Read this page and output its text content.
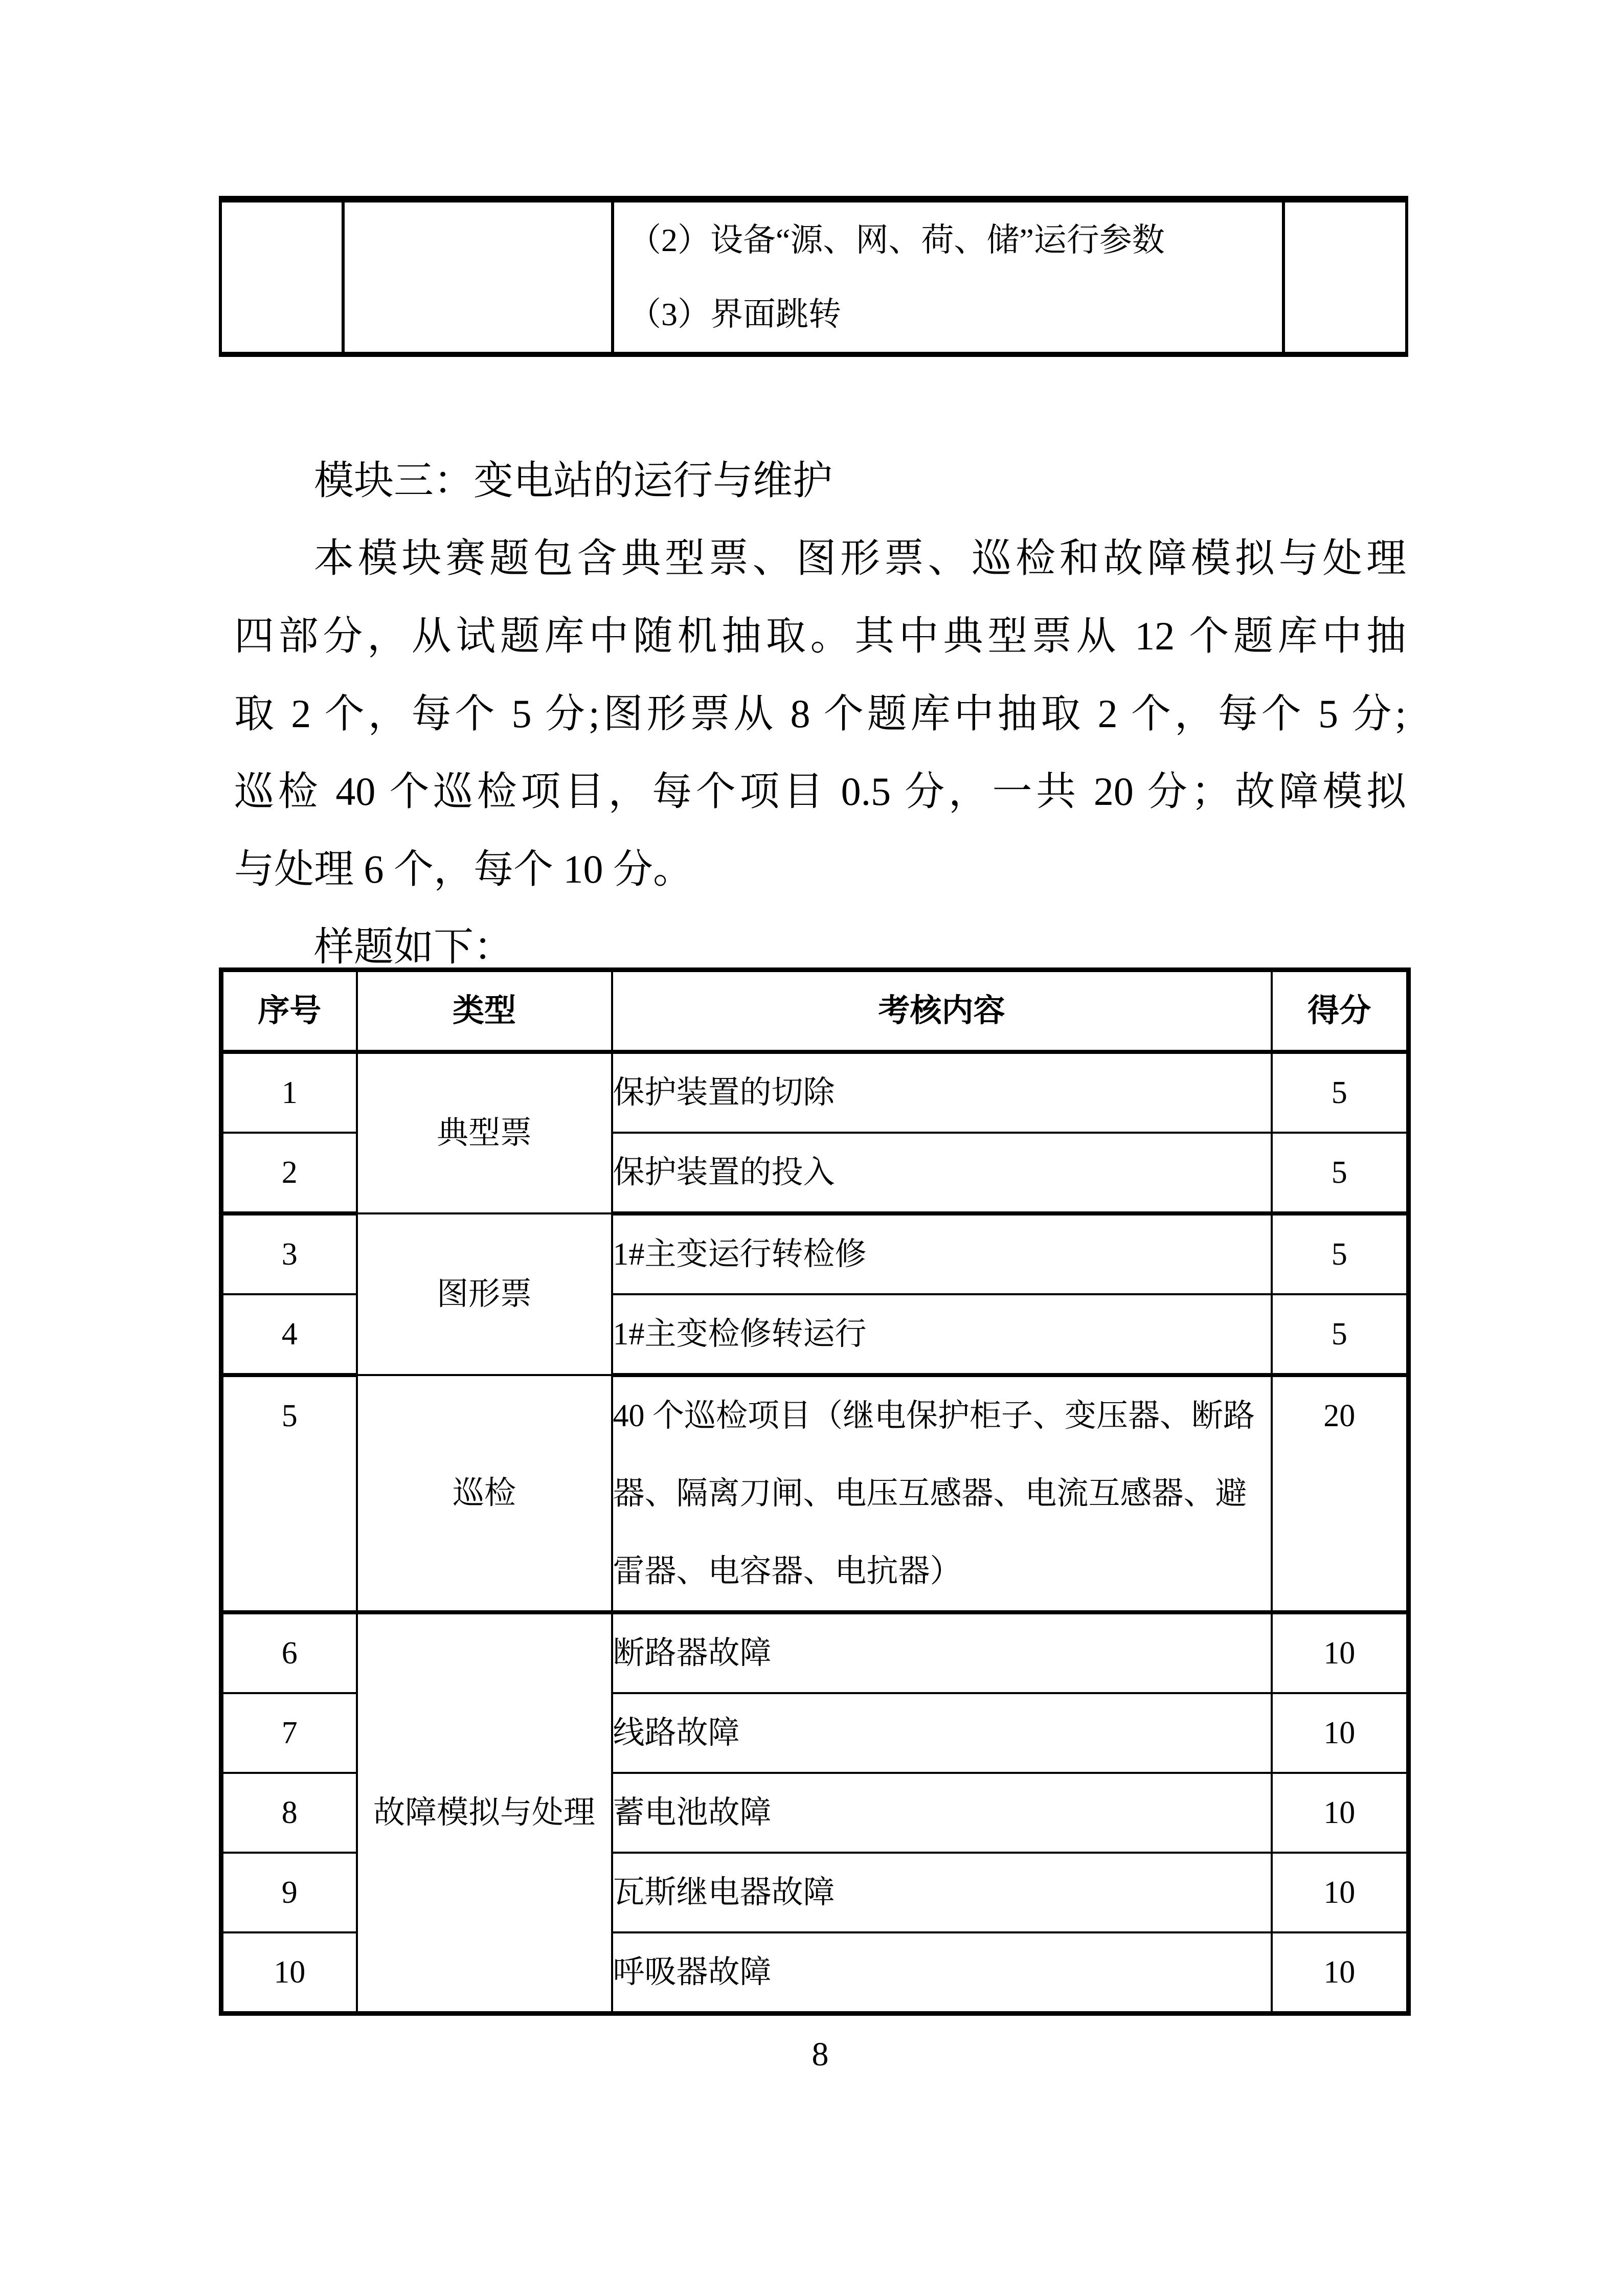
（2）设备“源、网、荷、储”运行参数
（3）界面跳转

模块三：变电站的运行与维护
本模块赛题包含典型票、图形票、巡检和故障模拟与处理
四部分，从试题库中随机抽取。其中典型票从 12 个题库中抽
取 2 个，每个 5 分;图形票从 8 个题库中抽取 2 个，每个 5 分;
巡检 40 个巡检项目，每个项目 0.5 分，一共 20 分；故障模拟
与处理 6 个，每个 10 分。
样题如下：
序号	类型	考核内容	得分
1	典型票	保护装置的切除	5
2		保护装置的投入	5
3	图形票	1#主变运行转检修	5
4		1#主变检修转运行	5
5	巡检	40 个巡检项目（继电保护柜子、变压器、断路器、隔离刀闸、电压互感器、电流互感器、避雷器、电容器、电抗器）	20
6	故障模拟与处理	断路器故障	10
7		线路故障	10
8		蓄电池故障	10
9		瓦斯继电器故障	10
10		呼吸器故障	10
8
